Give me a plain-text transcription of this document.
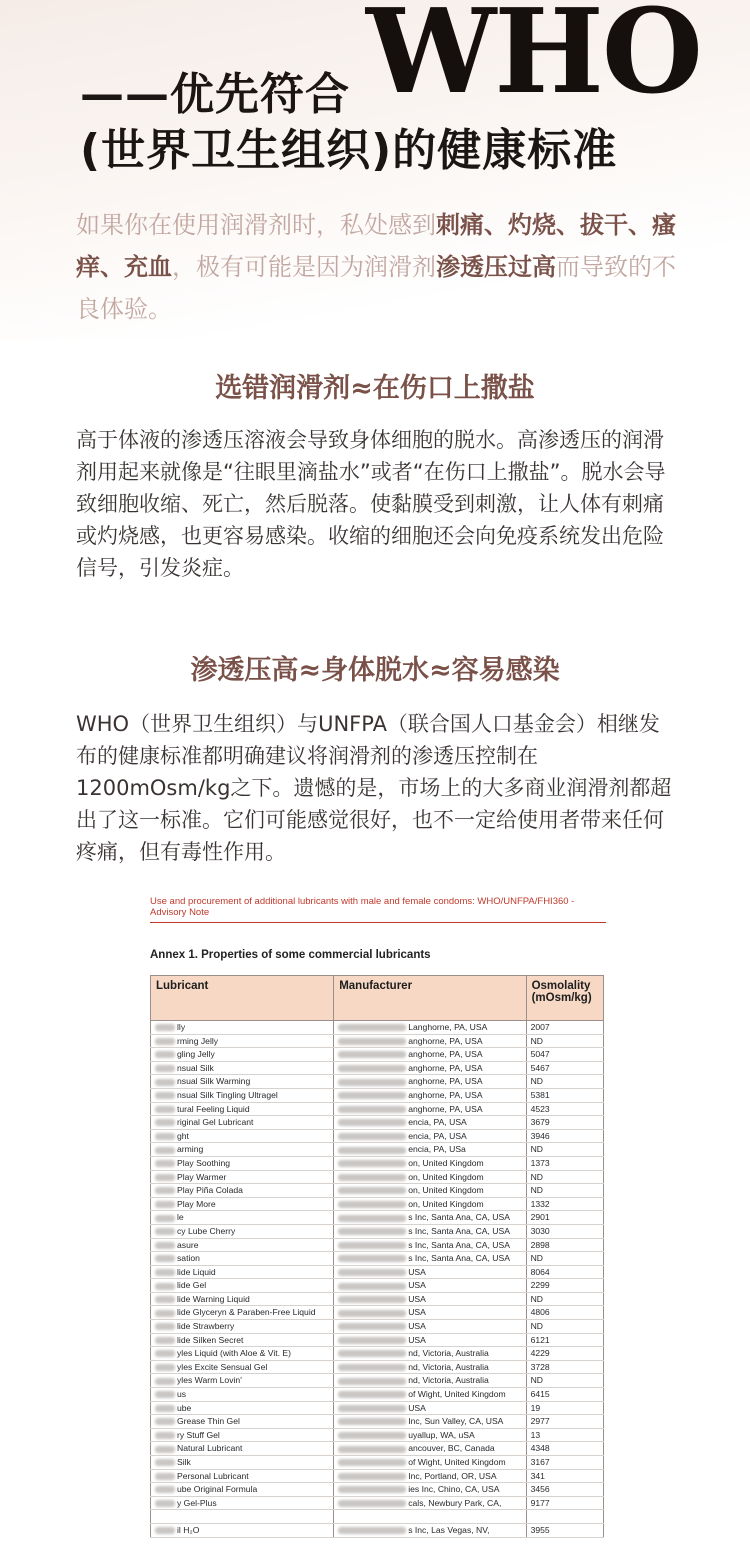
——优先符合 WHO
(世界卫生组织)的健康标准
如果你在使用润滑剂时，私处感到刺痛、灼烧、拔干、瘙痒、充血，极有可能是因为润滑剂渗透压过高而导致的不良体验。
选错润滑剂≈在伤口上撒盐
高于体液的渗透压溶液会导致身体细胞的脱水。高渗透压的润滑剂用起来就像是“往眼里滴盐水”或者“在伤口上撒盐”。脱水会导致细胞收缩、死亡，然后脱落。使黏膜受到刺激，让人体有刺痛或灼烧感，也更容易感染。收缩的细胞还会向免疫系统发出危险信号，引发炎症。
渗透压高≈身体脱水≈容易感染
WHO（世界卫生组织）与UNFPA（联合国人口基金会）相继发布的健康标准都明确建议将润滑剂的渗透压控制在1200mOsm/kg之下。遗憾的是，市场上的大多商业润滑剂都超出了这一标准。它们可能感觉很好，也不一定给使用者带来任何疼痛，但有毒性作用。
Use and procurement of additional lubricants with male and female condoms: WHO/UNFPA/FHI360 - Advisory Note
Annex 1. Properties of some commercial lubricants
Lubricant	Manufacturer	Osmolality (mOsm/kg)
lly	Langhorne, PA, USA	2007
rming Jelly	anghorne, PA, USA	ND
gling Jelly	anghorne, PA, USA	5047
nsual Silk	anghorne, PA, USA	5467
nsual Silk Warming	anghorne, PA, USA	ND
nsual Silk Tingling Ultragel	anghorne, PA, USA	5381
tural Feeling Liquid	anghorne, PA, USA	4523
riginal Gel Lubricant	encia, PA, USA	3679
ght	encia, PA, USA	3946
arming	encia, PA, USa	ND
Play Soothing	on, United Kingdom	1373
Play Warmer	on, United Kingdom	ND
Play Piña Colada	on, United Kingdom	ND
Play More	on, United Kingdom	1332
le	s Inc, Santa Ana, CA, USA	2901
cy Lube Cherry	s Inc, Santa Ana, CA, USA	3030
asure	s Inc, Santa Ana, CA, USA	2898
sation	s Inc, Santa Ana, CA, USA	ND
lide Liquid	USA	8064
lide Gel	USA	2299
lide Warning Liquid	USA	ND
lide Glyceryn & Paraben-Free Liquid	USA	4806
lide Strawberry	USA	ND
lide Silken Secret	USA	6121
yles Liquid (with Aloe & Vit. E)	nd, Victoria, Australia	4229
yles Excite Sensual Gel	nd, Victoria, Australia	3728
yles Warm Lovin'	nd, Victoria, Australia	ND
us	of Wight, United Kingdom	6415
ube	USA	19
Grease Thin Gel	Inc, Sun Valley, CA, USA	2977
ry Stuff Gel	uyallup, WA, uSA	13
Natural Lubricant	ancouver, BC, Canada	4348
Silk	of Wight, United Kingdom	3167
Personal Lubricant	Inc, Portland, OR, USA	341
ube Original Formula	ies Inc, Chino, CA, USA	3456
y Gel-Plus	cals, Newbury Park, CA,	9177

il H₂O	s Inc, Las Vegas, NV,	3955
